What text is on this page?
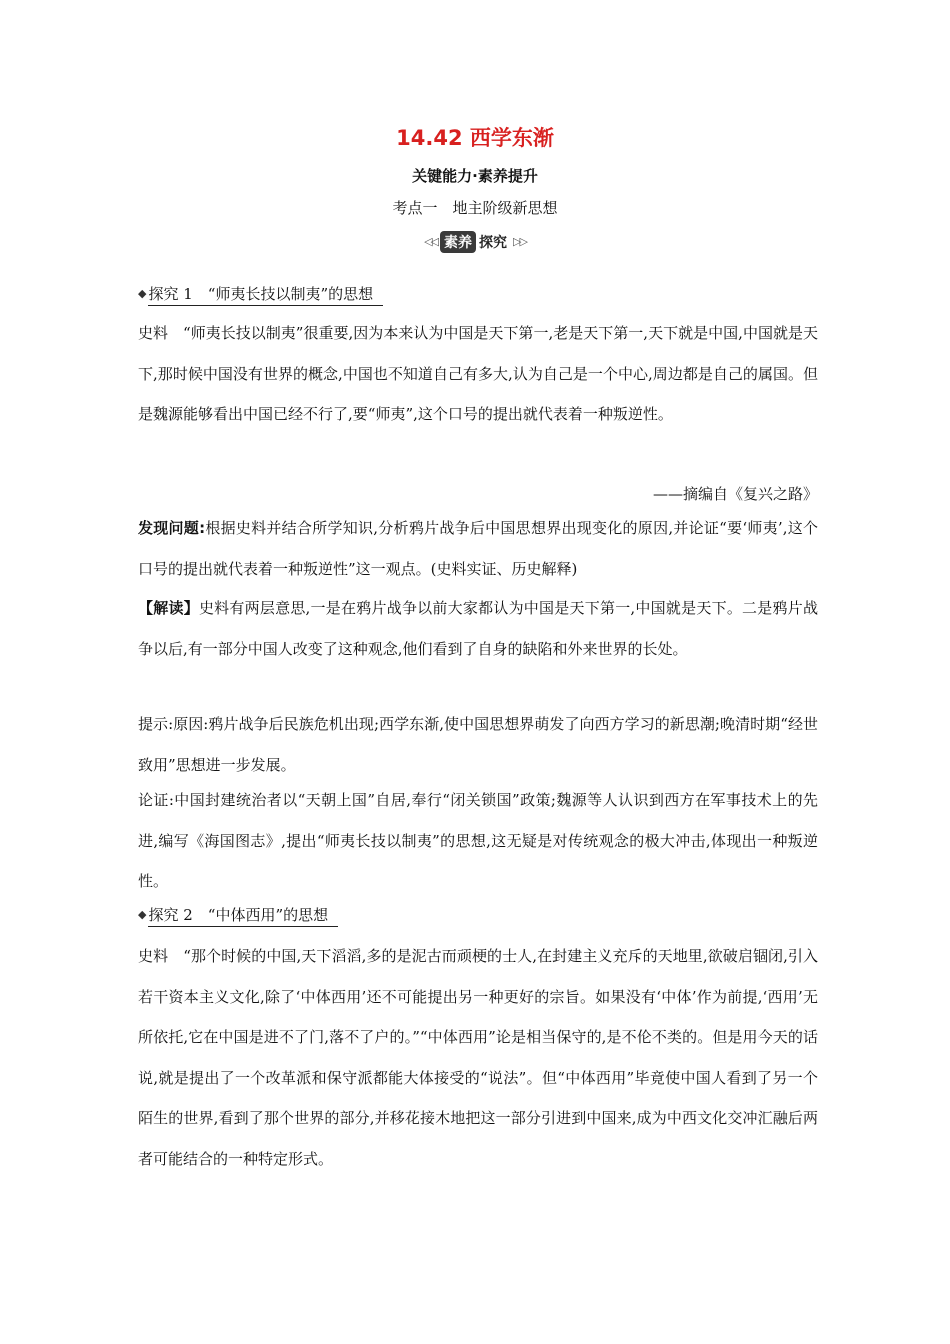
14.42 西学东渐
关键能力·素养提升
考点一　地主阶级新思想
◁◁ 素养 探究 ▷▷
◆ 探究 1　“师夷长技以制夷”的思想

史料　“师夷长技以制夷”很重要,因为本来认为中国是天下第一,老是天下第一,天下就是中国,中国就是天下,那时候中国没有世界的概念,中国也不知道自己有多大,认为自己是一个中心,周边都是自己的属国。但是魏源能够看出中国已经不行了,要“师夷”,这个口号的提出就代表着一种叛逆性。

——摘编自《复兴之路》

发现问题:根据史料并结合所学知识,分析鸦片战争后中国思想界出现变化的原因,并论证“要‘师夷’,这个口号的提出就代表着一种叛逆性”这一观点。(史料实证、历史解释)

【解读】史料有两层意思,一是在鸦片战争以前大家都认为中国是天下第一,中国就是天下。二是鸦片战争以后,有一部分中国人改变了这种观念,他们看到了自身的缺陷和外来世界的长处。

提示:原因:鸦片战争后民族危机出现;西学东渐,使中国思想界萌发了向西方学习的新思潮;晚清时期“经世致用”思想进一步发展。

论证:中国封建统治者以“天朝上国”自居,奉行“闭关锁国”政策;魏源等人认识到西方在军事技术上的先进,编写《海国图志》,提出“师夷长技以制夷”的思想,这无疑是对传统观念的极大冲击,体现出一种叛逆性。

◆ 探究 2　“中体西用”的思想

史料　“那个时候的中国,天下滔滔,多的是泥古而顽梗的士人,在封建主义充斥的天地里,欲破启锢闭,引入若干资本主义文化,除了‘中体西用’还不可能提出另一种更好的宗旨。如果没有‘中体’作为前提,‘西用’无所依托,它在中国是进不了门,落不了户的。”“中体西用”论是相当保守的,是不伦不类的。但是用今天的话说,就是提出了一个改革派和保守派都能大体接受的“说法”。但“中体西用”毕竟使中国人看到了另一个陌生的世界,看到了那个世界的部分,并移花接木地把这一部分引进到中国来,成为中西文化交冲汇融后两者可能结合的一种特定形式。
